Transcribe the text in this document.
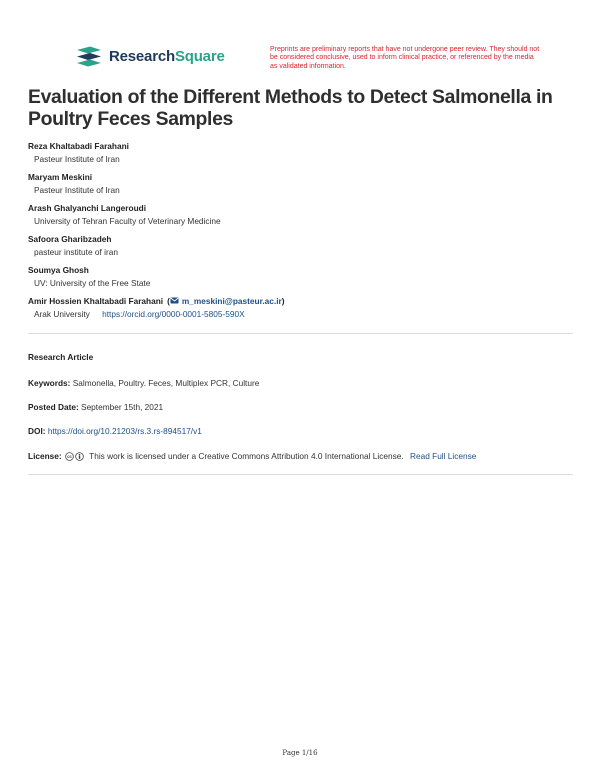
ResearchSquare	Preprints are preliminary reports that have not undergone peer review. They should not be considered conclusive, used to inform clinical practice, or referenced by the media as validated information.
Evaluation of the Different Methods to Detect Salmonella in Poultry Feces Samples
Reza Khaltabadi Farahani
Pasteur Institute of Iran
Maryam Meskini
Pasteur Institute of Iran
Arash Ghalyanchi Langeroudi
University of Tehran Faculty of Veterinary Medicine
Safoora Gharibzadeh
pasteur institute of iran
Soumya Ghosh
UV: University of the Free State
Amir Hossien Khaltabadi Farahani ( m_meskini@pasteur.ac.ir )
Arak University https://orcid.org/0000-0001-5805-590X
Research Article
Keywords: Salmonella, Poultry. Feces, Multiplex PCR, Culture
Posted Date: September 15th, 2021
DOI: https://doi.org/10.21203/rs.3.rs-894517/v1
License: cc This work is licensed under a Creative Commons Attribution 4.0 International License. Read Full License
Page 1/16
